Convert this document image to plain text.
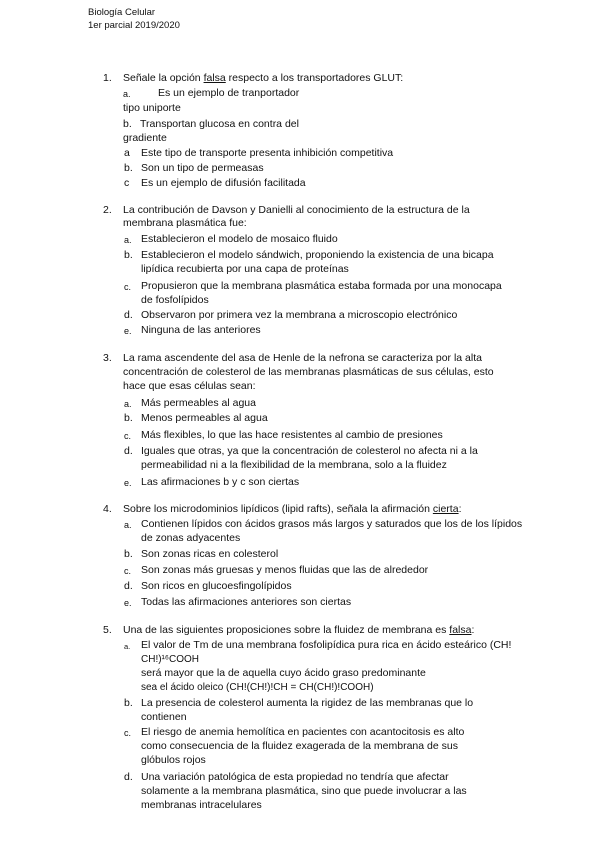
Biología Celular
1er parcial 2019/2020
1. Señale la opción falsa respecto a los transportadores GLUT:
a.	Es un ejemplo de tranportador
tipo uniporte
b. Transportan glucosa en contra del
gradiente
a Este tipo de transporte presenta inhibición competitiva
b. Son un tipo de permeasas
c Es un ejemplo de difusión facilitada
2. La contribución de Davson y Danielli al conocimiento de la estructura de la
membrana plasmática fue:
a. Establecieron el modelo de mosaico fluido
b. Establecieron el modelo sándwich, proponiendo la existencia de una bicapa
lipídica recubierta por una capa de proteínas
c. Propusieron que la membrana plasmática estaba formada por una monocapa
de fosfolípidos
d. Observaron por primera vez la membrana a microscopio electrónico
e. Ninguna de las anteriores
3. La rama ascendente del asa de Henle de la nefrona se caracteriza por la alta
concentración de colesterol de las membranas plasmáticas de sus células, esto
hace que esas células sean:
a. Más permeables al agua
b. Menos permeables al agua
c. Más flexibles, lo que las hace resistentes al cambio de presiones
d. Iguales que otras, ya que la concentración de colesterol no afecta ni a la
permeabilidad ni a la flexibilidad de la membrana, solo a la fluidez
e. Las afirmaciones b y c son ciertas
4. Sobre los microdominios lipídicos (lipid rafts), señala la afirmación cierta:
a. Contienen lípidos con ácidos grasos más largos y saturados que los de los lípidos
de zonas adyacentes
b. Son zonas ricas en colesterol
c. Son zonas más gruesas y menos fluidas que las de alrededor
d. Son ricos en glucoesfingolípidos
e. Todas las afirmaciones anteriores son ciertas
5. Una de las siguientes proposiciones sobre la fluidez de membrana es falsa:
a. El valor de Tm de una membrana fosfolipídica pura rica en ácido esteárico (CH!
CH!)¹⁶COOH
será mayor que la de aquella cuyo ácido graso predominante
sea el ácido oleico (CH!(CH!)!CH = CH(CH!)!COOH)
b. La presencia de colesterol aumenta la rigidez de las membranas que lo
contienen
c. El riesgo de anemia hemolítica en pacientes con acantocitosis es alto
como consecuencia de la fluidez exagerada de la membrana de sus
glóbulos rojos
d. Una variación patológica de esta propiedad no tendría que afectar
solamente a la membrana plasmática, sino que puede involucrar a las
membranas intracelulares
